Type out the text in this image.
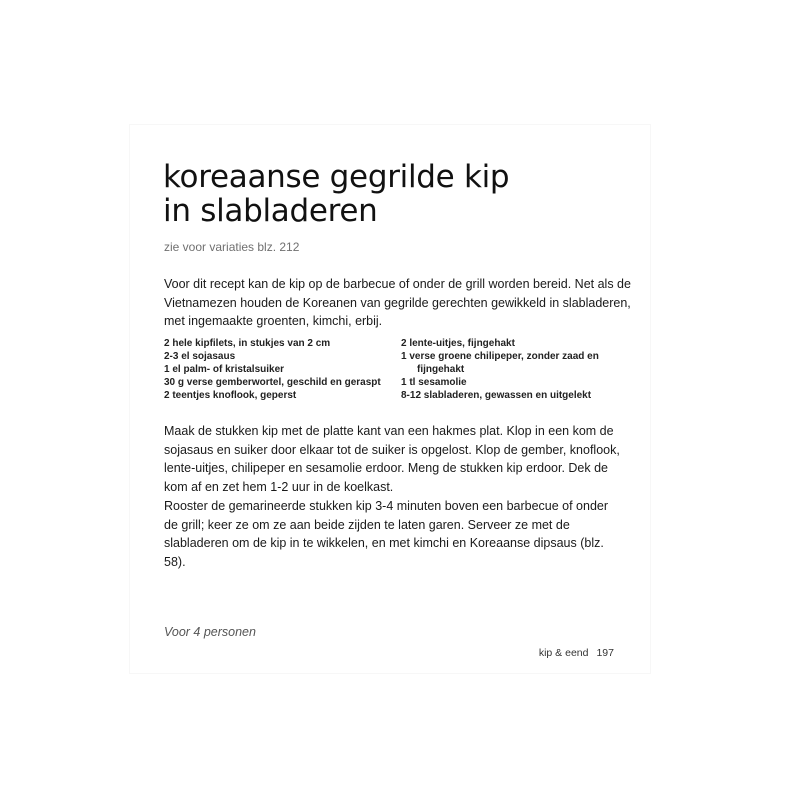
koreaanse gegrilde kip
in slabladeren
zie voor variaties blz. 212

Voor dit recept kan de kip op de barbecue of onder de grill worden bereid. Net als de Vietnamezen houden de Koreanen van gegrilde gerechten gewikkeld in slabladeren, met ingemaakte groenten, kimchi, erbij.

2 hele kipfilets, in stukjes van 2 cm
2-3 el sojasaus
1 el palm- of kristalsuiker
30 g verse gemberwortel, geschild en geraspt
2 teentjes knoflook, geperst
2 lente-uitjes, fijngehakt
1 verse groene chilipeper, zonder zaad en fijngehakt
1 tl sesamolie
8-12 slabladeren, gewassen en uitgelekt

Maak de stukken kip met de platte kant van een hakmes plat. Klop in een kom de sojasaus en suiker door elkaar tot de suiker is opgelost. Klop de gember, knoflook, lente-uitjes, chilipeper en sesamolie erdoor. Meng de stukken kip erdoor. Dek de kom af en zet hem 1-2 uur in de koelkast.

Rooster de gemarineerde stukken kip 3-4 minuten boven een barbecue of onder de grill; keer ze om ze aan beide zijden te laten garen. Serveer ze met de slabladeren om de kip in te wikkelen, en met kimchi en Koreaanse dipsaus (blz. 58).

Voor 4 personen
kip & eend 197
